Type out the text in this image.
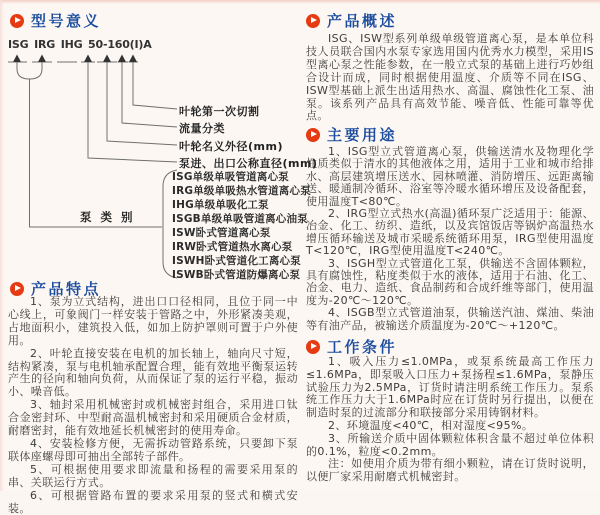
型号意义
ISG IRG IHG 50-160(I)A
叶轮第一次切割
流量分类
叶轮名义外径(mm)
泵进、出口公称直径(mm)
泵类别
ISG单级单吸管道离心泵
IRG单级单吸热水管道离心泵
IHG单级单吸化工泵
ISGB单级单吸管道离心油泵
ISW卧式管道离心泵
IRW卧式管道热水离心泵
ISWH卧式管道化工离心泵
ISWB卧式管道防爆离心泵
产品特点

1、泵为立式结构，进出口口径相同，且位于同一中心线上，可象阀门一样安装于管路之中，外形紧凑美观，占地面积小，建筑投入低，如加上防护罩则可置于户外使用。

2、叶轮直接安装在电机的加长轴上，轴向尺寸短，结构紧凑，泵与电机轴承配置合理，能有效地平衡泵运转产生的径向和轴向负荷，从而保证了泵的运行平稳，振动小、噪音低。

3、轴封采用机械密封或机械密封组合，采用进口钛合金密封环、中型耐高温机械密封和采用硬质合金材质，耐磨密封，能有效地延长机械密封的使用寿命。

4、安装检修方便，无需拆动管路系统，只要卸下泵联体座螺母即可抽出全部转子部件。

5、可根据使用要求即流量和扬程的需要采用泵的串、关联运行方式。

6、可根据管路布置的要求采用泵的竖式和横式安装。

产品概述

ISG、ISW型系列单级单级管道离心泵，是本单位科技人员联合国内水泵专家选用国内优秀水力模型，采用IS型离心泵之性能参数，在一般立式泵的基础上进行巧妙组合设计而成，同时根据使用温度、介质等不同在ISG、ISW型基础上派生出适用热水、高温、腐蚀性化工泵、油泵。该系列产品具有高效节能、噪音低、性能可靠等优点。

主要用途

1、ISG型立式管道离心泵，供输送清水及物理化学性质类似于清水的其他液体之用，适用于工业和城市给排水、高层建筑增压送水、园林喷灌、消防增压、远距离输送、暖通制冷循环、浴室等冷暖水循环增压及设备配套，使用温度T<80℃。

2、IRG型立式热水(高温)循环泵广泛适用于：能源、冶金、化工、纺织、造纸，以及宾馆饭店等锅炉高温热水增压循环输送及城市采暖系统循环用泵，IRG型使用温度T<120℃，IRG型使用温度T<240℃。

3、ISGH型立式管道化工泵，供输送不含固体颗粒，具有腐蚀性，粘度类似于水的液体，适用于石油、化工、冶金、电力、造纸、食品制药和合成纤维等部门，使用温度为-20℃～120℃。

4、ISGB型立式管道油泵，供输送汽油、煤油、柴油等有油产品，被输送介质温度为-20℃～+120℃。

工作条件

1、吸入压力≤1.0MPa，或泵系统最高工作压力≤1.6MPa，即泵吸入口压力+泵扬程≤1.6MPa，泵静压试验压力为2.5MPa，订货时请注明系统工作压力。泵系统工作压力大于1.6MPa时应在订货时另行提出，以便在制造时泵的过流部分和联接部分采用铸钢材料。

2、环境温度<40℃，相对湿度<95%。

3、所输送介质中固体颗粒体积含量不超过单位体积的0.1%，粒度<0.2mm。

注：如使用介质为带有细小颗粒，请在订货时说明，以便厂家采用耐磨式机械密封。
